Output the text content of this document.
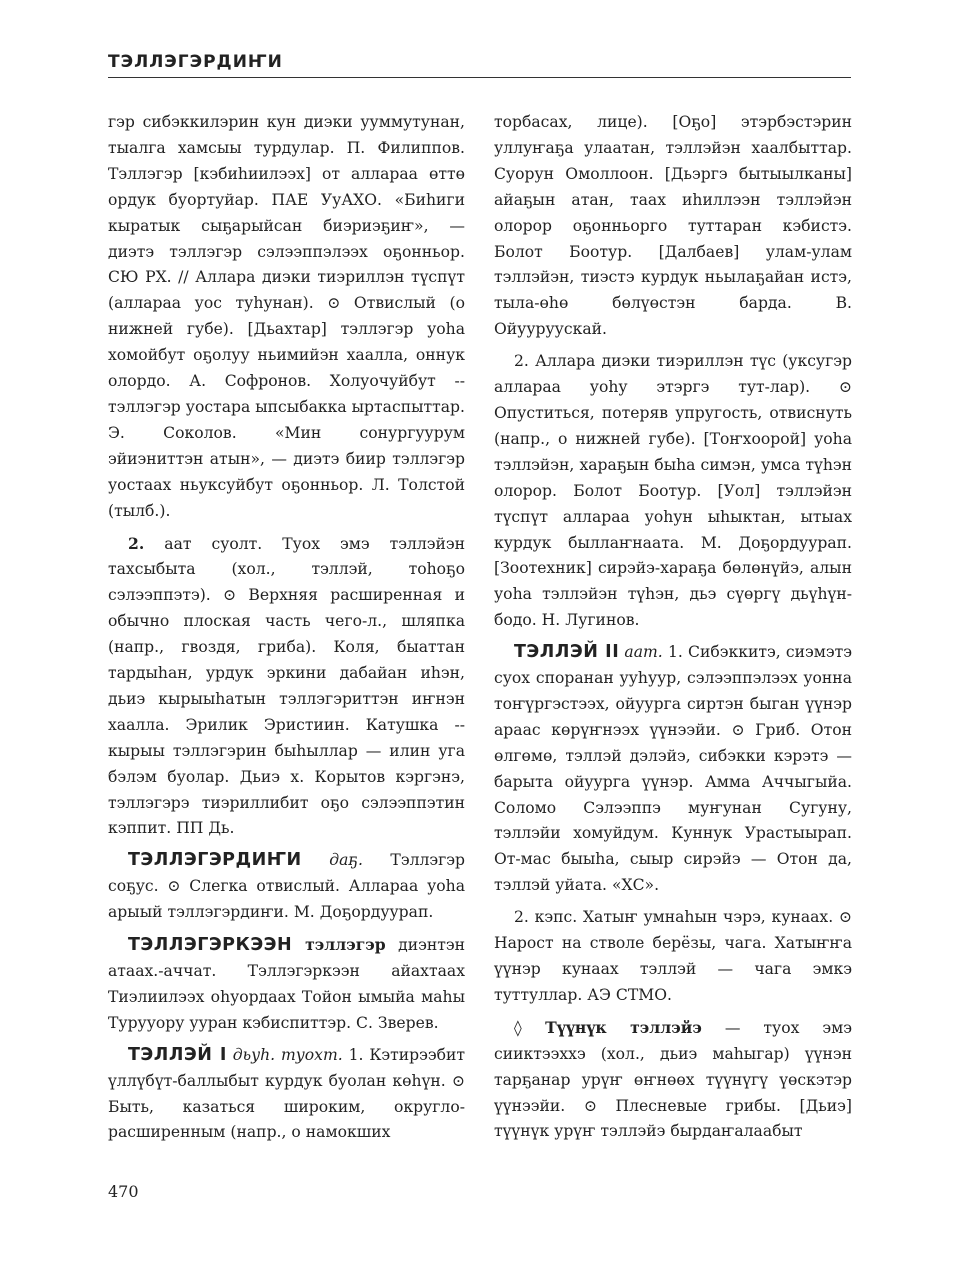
ТЭЛЛЭГЭРДИҤИ

гэр сибэккилэрин кун диэки ууммутунан, тыалга хамсыы турдулар. П. Филиппов. Тэллэгэр [кэбиһиилээх] от аллараа өттө ордук буортуйар. ПАЕ УуАХО. «Биһиги кыратык сыҕарыйсан биэриэҕиҥ», — диэтэ тэллэгэр сэлээппэлээх оҕонньор. СЮ РХ. // Аллара диэки тиэриллэн түспүт (аллараа уос туһунан). ⊙ Отвислый (о нижней губе). [Дьахтар] тэллэгэр уоһа хомойбут оҕолуу ньимийэн хаалла, оннук олордо. А. Софронов. Холуочуйбут -- тэллэгэр уостара ыпсыбакка ыртаспыттар. Э. Соколов. «Мин сонургуурум эйиэниттэн атын», — диэтэ биир тэллэгэр уостаах ньуксуйбут оҕонньор. Л. Толстой (тылб.).

2. аат суолт. Туох эмэ тэллэйэн тахсыбыта (хол., тэллэй, тоһоҕо сэлээппэтэ). ⊙ Верхняя расширенная и обычно плоская часть чего-л., шляпка (напр., гвоздя, гриба). Коля, быаттан тардыһан, урдук эркини дабайан иһэн, дьиэ кырыыһатын тэллэгэриттэн иҥнэн хаалла. Эрилик Эристиин. Катушка -- кырыы тэллэгэрин быһыллар — илин уга бэлэм буолар. Дьиэ х. Корытов кэргэнэ, тэллэгэрэ тиэриллибит оҕо сэлээппэтин кэппит. ПП Дь.

ТЭЛЛЭГЭРДИҤИ даҕ. Тэллэгэр соҕус. ⊙ Слегка отвислый. Аллараа уоһа арыый тэллэгэрдиҥи. М. Доҕордуурап.

ТЭЛЛЭГЭРКЭЭН тэллэгэр диэнтэн атаах.-аччат. Тэллэгэркээн айахтаах Тиэлиилээх оһуордаах Тойон ымыйа маһы Турууору ууран кэбиспиттэр. С. Зверев.

ТЭЛЛЭЙ I дьуһ. туохт. 1. Кэтирээбит үллүбүт-баллыбыт курдук буолан көһүн. ⊙ Быть, казаться широким, округло-расширенным (напр., о намокших

торбасах, лице). [Оҕо] этэрбэстэрин уллуҥаҕа улаатан, тэллэйэн хаалбыттар. Суорун Омоллоон. [Дьэргэ бытыылканы] айаҕын атан, таах иһиллээн тэллэйэн олорор оҕонньорго туттаран кэбистэ. Болот Боотур. [Далбаев] улам-улам тэллэйэн, тиэстэ курдук ньылаҕайан истэ, тыла-өһө бөлүөстэн барда. В. Ойууруускай.

2. Аллара диэки тиэриллэн түс (уксугэр аллараа уоһу этэргэ тут-лар). ⊙ Опуститься, потеряв упругость, отвиснуть (напр., о нижней губе). [Тоҥхоорой] уоһа тэллэйэн, хараҕын быһа симэн, умса түһэн олорор. Болот Боотур. [Уол] тэллэйэн түспүт аллараа уоһун ыһыктан, ытыах курдук быллаҥнаата. М. Доҕордуурап. [Зоотехник] сирэйэ-хараҕа бөлөнүйэ, алын уоһа тэллэйэн түһэн, дьэ сүөргү дьүһүн-бодо. Н. Лугинов.

ТЭЛЛЭЙ II аат. 1. Сибэккитэ, сиэмэтэ суох споранан ууһуур, сэлээппэлээх уонна тоҥүргэстээх, ойуурга сиртэн быган үүнэр араас көрүҥнээх үүнээйи. ⊙ Гриб. Отон өлгөмө, тэллэй дэлэйэ, сибэкки кэрэтэ — барыта ойуурга үүнэр. Амма Аччыгыйа. Соломо Сэлээппэ муҥунан Сугуну, тэллэйи хомуйдум. Куннук Урастыырап. От-мас быыһа, сыыр сирэйэ — Отон да, тэллэй уйата. «ХС».

2. кэпс. Хатыҥ умнаһын чэрэ, кунаах. ⊙ Нарост на стволе берёзы, чага. Хатыҥҥа үүнэр кунаах тэллэй — чага эмкэ туттуллар. АЭ СТМО.

◊ Түүнүк тэллэйэ — туох эмэ сииктээххэ (хол., дьиэ маһыгар) үүнэн тарҕанар урүҥ өҥнөөх түүнүгү үөскэтэр үүнээйи. ⊙ Плесневые грибы. [Дьиэ] түүнүк урүҥ тэллэйэ бырдаҥалаабыт

470
